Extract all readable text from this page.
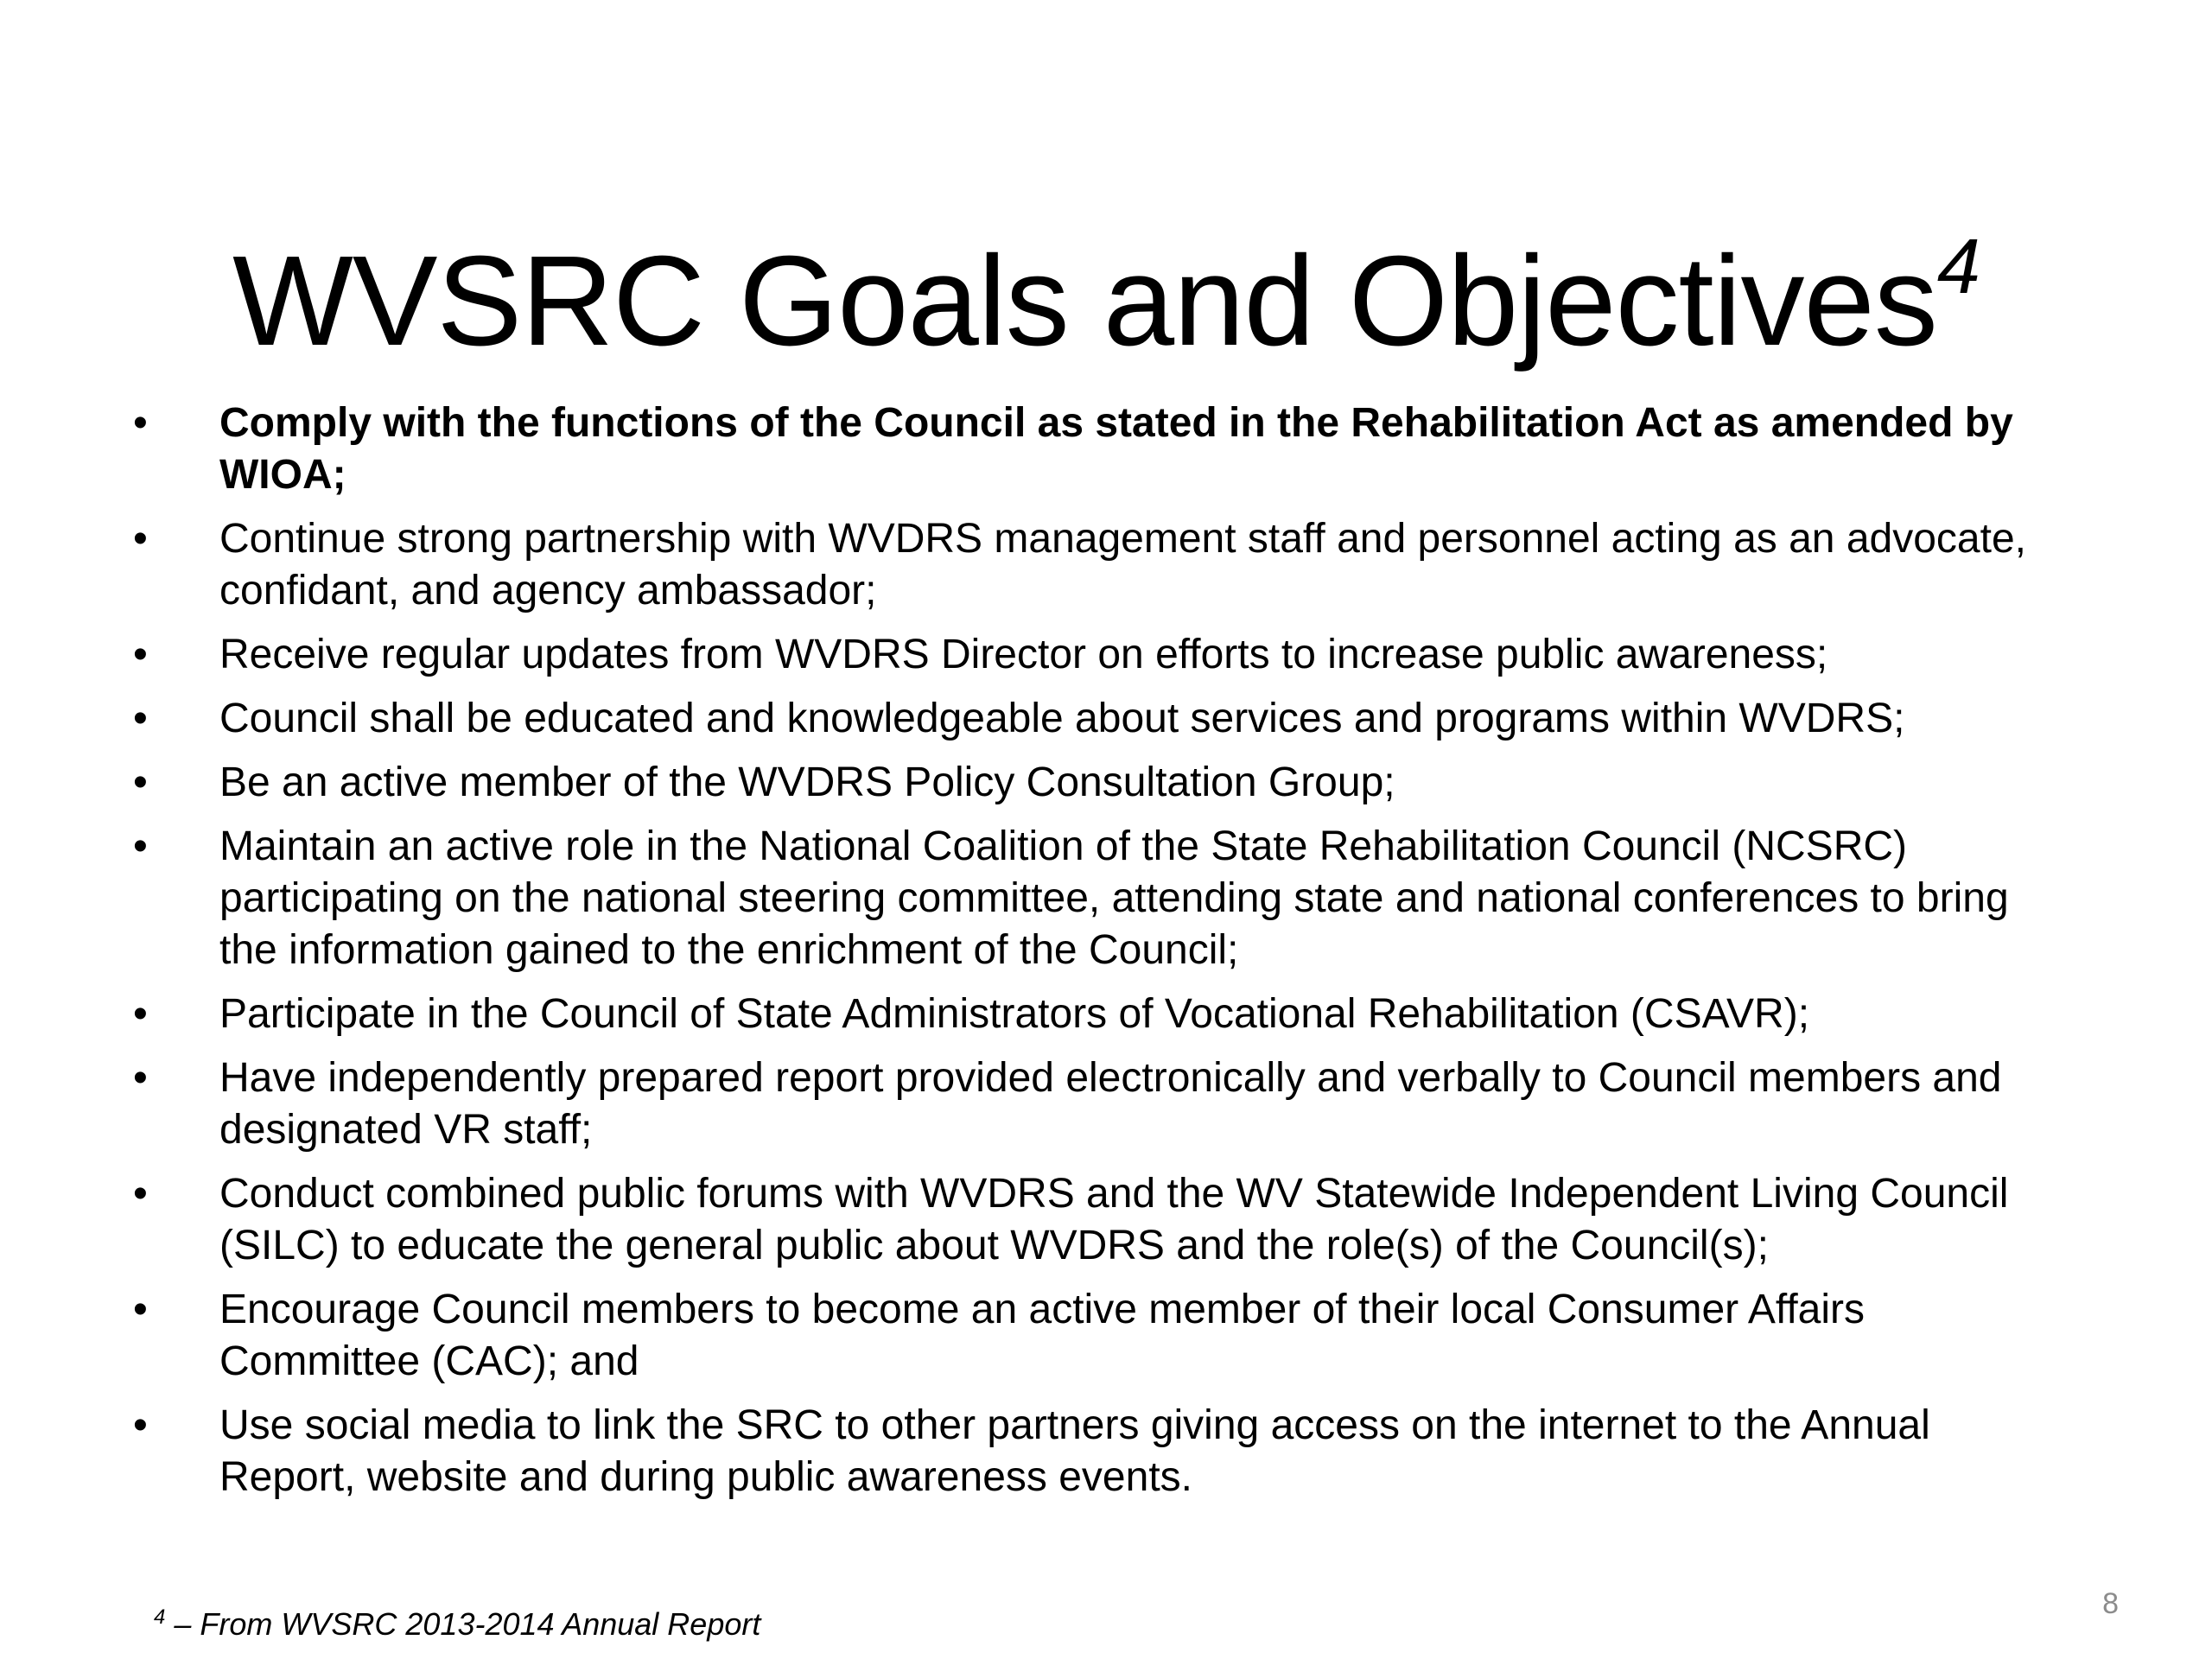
WVSRC Goals and Objectives$^4$
• Comply with the functions of the Council as stated in the Rehabilitation Act as amended by WIOA;
• Continue strong partnership with WVDRS management staff and personnel acting as an advocate, confidant, and agency ambassador;
• Receive regular updates from WVDRS Director on efforts to increase public awareness;
• Council shall be educated and knowledgeable about services and programs within WVDRS;
• Be an active member of the WVDRS Policy Consultation Group;
• Maintain an active role in the National Coalition of the State Rehabilitation Council (NCSRC) participating on the national steering committee, attending state and national conferences to bring the information gained to the enrichment of the Council;
• Participate in the Council of State Administrators of Vocational Rehabilitation (CSAVR);
• Have independently prepared report provided electronically and verbally to Council members and designated VR staff;
• Conduct combined public forums with WVDRS and the WV Statewide Independent Living Council (SILC) to educate the general public about WVDRS and the role(s) of the Council(s);
• Encourage Council members to become an active member of their local Consumer Affairs Committee (CAC); and
• Use social media to link the SRC to other partners giving access on the internet to the Annual Report, website and during public awareness events.
8
$^4$ – From WVSRC 2013-2014 Annual Report
